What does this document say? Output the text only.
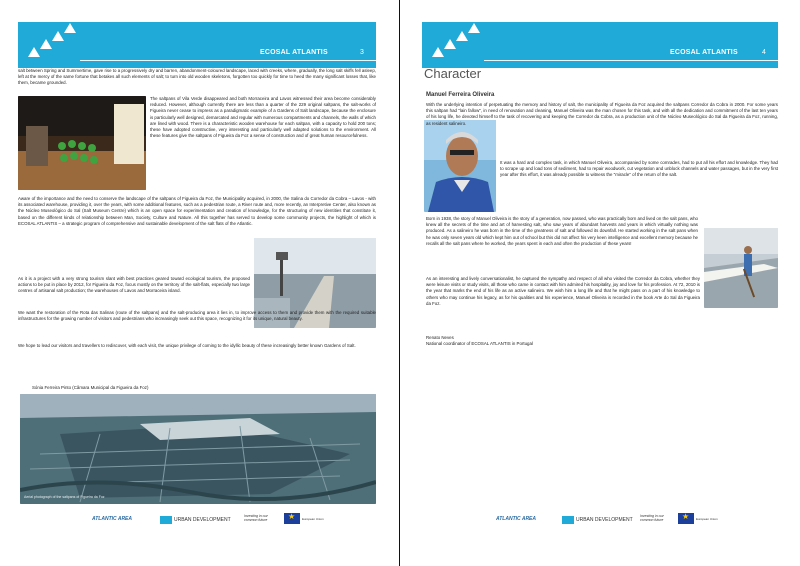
ECOSAL ATLANTIS	3

salt between Spring and Summertime, gave rise to a progressively dry and barren, abandonment-coloured landscape, laced with creeks, where, gradually, the long salt skiffs fell asleep, left at the mercy of the same fortune that betakes all such elements of salt; to turn into old wooden skeletons, forgotten too quickly for time to heed the many significant losses that, like them, became grounded.

The saltpans of Vila Verde disappeared and both Morraceira and Lavos witnessed their area become considerably reduced. However, although currently there are less than a quarter of the 229 original saltpans, the salt-works of Figueira never cease to impress as a paradigmatic example of a Gardens of Salt landscape, because the enclosure is particularly well designed, demarcated and regular with numerous compartments and channels, the walls of which are lined with wood. There is a characteristic wooden warehouse for each saltpan, with a capacity to hold 200 tons; these have adopted constructive, very interesting and particularly well adapted solutions to the environment. All these features give the saltpans of Figueira da Foz a sense of construction and of great human resourcefulness.

Aware of the importance and the need to conserve the landscape of the saltpans of Figueira da Foz, the Municipality acquired, in 2000, the Salina do Corredor da Cobra – Lavos - with its associated warehouse, providing it, over the years, with some additional features, such as a pedestrian route, a River route and, more recently, an Interpretive Center, also known as the Núcleo Museológico do Sal (Salt Museum Centre) which is an open space for experimentation and creation of knowledge, for the structuring of new identities that constitute it, based on the different kinds of relationship between Man, Society, Culture and Nature. All this together has served to develop some community projects, the highlight of which is ECOSAL ATLANTIS – a strategic program of comprehensive and sustainable development of the salt flats of the Atlantic.

As it is a project with a very strong tourism slant with best practices geared toward ecological tourism, the proposed actions to be put in place by 2012, for Figueira da Foz, focus mostly on the territory of the salt-flats, especially two large centres of artisanal salt production; the warehouses of Lavos and Morraceira island.

We want the restoration of the Rota das Salinas (route of the saltpans) and the salt-producing area it lies in, to improve access to them and provide them with the required suitable infrastructures for the growing number of visitors and pedestrians who increasingly seek out this space, recognizing it for its unique, natural beauty.

We hope to lead our visitors and travellers to rediscover, with each visit, the unique privilege of coming to the idyllic beauty of these increasingly better known Gardens of Salt.

Sónia Ferreira Pinto (Câmara Municipal da Figueira da Foz)
Aerial photograph of the saltpans of Figueira da Foz
ATLANTIC AREA	URBAN DEVELOPMENT
Investing in our common future ★	European Union
ECOSAL ATLANTIS	4
Character
Manuel Ferreira Oliveira

With the underlying intention of perpetuating the memory and history of salt, the municipality of Figueira da Foz acquired the saltpans Corredor da Cobra in 2000. For some years this saltpan had "lain fallow", in need of renovation and cleaning, Manuel Oliveira was the man chosen for this task, and with all the dedication and commitment of the last ten years of his long life, he devoted himself to the task of recovering and keeping the Corredor da Cobra, as a production unit of the Núcleo Museológico do Sal da Figueira da Foz, running, as resident salineiro.

It was a hard and complex task, in which Manuel Oliveira, accompanied by some comrades, had to put all his effort and knowledge. They had to scrape up and load tons of sediment, had to repair woodwork, cut vegetation and unblock channels and water passages, but in the very first year after this effort, it was already possible to witness the "miracle" of the return of the salt.

Born in 1938, the story of Manuel Oliveira is the story of a generation, now passed, who was practically born and lived on the salt pans, who knew all the secrets of the time and art of harvesting salt, who saw years of abundant harvests and years in which virtually nothing was produced. As a salineiro he was born in the time of the greatness of salt and followed its downfall. He started working in the salt pans when he was only seven years old which kept him out of school but this did not affect his very keen intelligence and excellent memory because he recalls all the salt pans where he worked, the years spent in each and often the production of these years!

As an interesting and lively conversationalist, he captured the sympathy and respect of all who visited the Corredor da Cobra, whether they were leisure visits or study visits, all those who came in contact with him admired his hospitality, joy and love for his profession. At 72, 2010 is the year that marks the end of his life as an active salineiro. We wish him a long life and that he might pass on a part of his knowledge to others who may continue his legacy, as for his qualities and his experience, Manuel Oliveira is recorded in the book Arte do Sal da Figueira da Foz.

Renato Neves
National coordinator of ECOSAL ATLANTIS in Portugal
ATLANTIC AREA	URBAN DEVELOPMENT
Investing in our common future ★	European Union
